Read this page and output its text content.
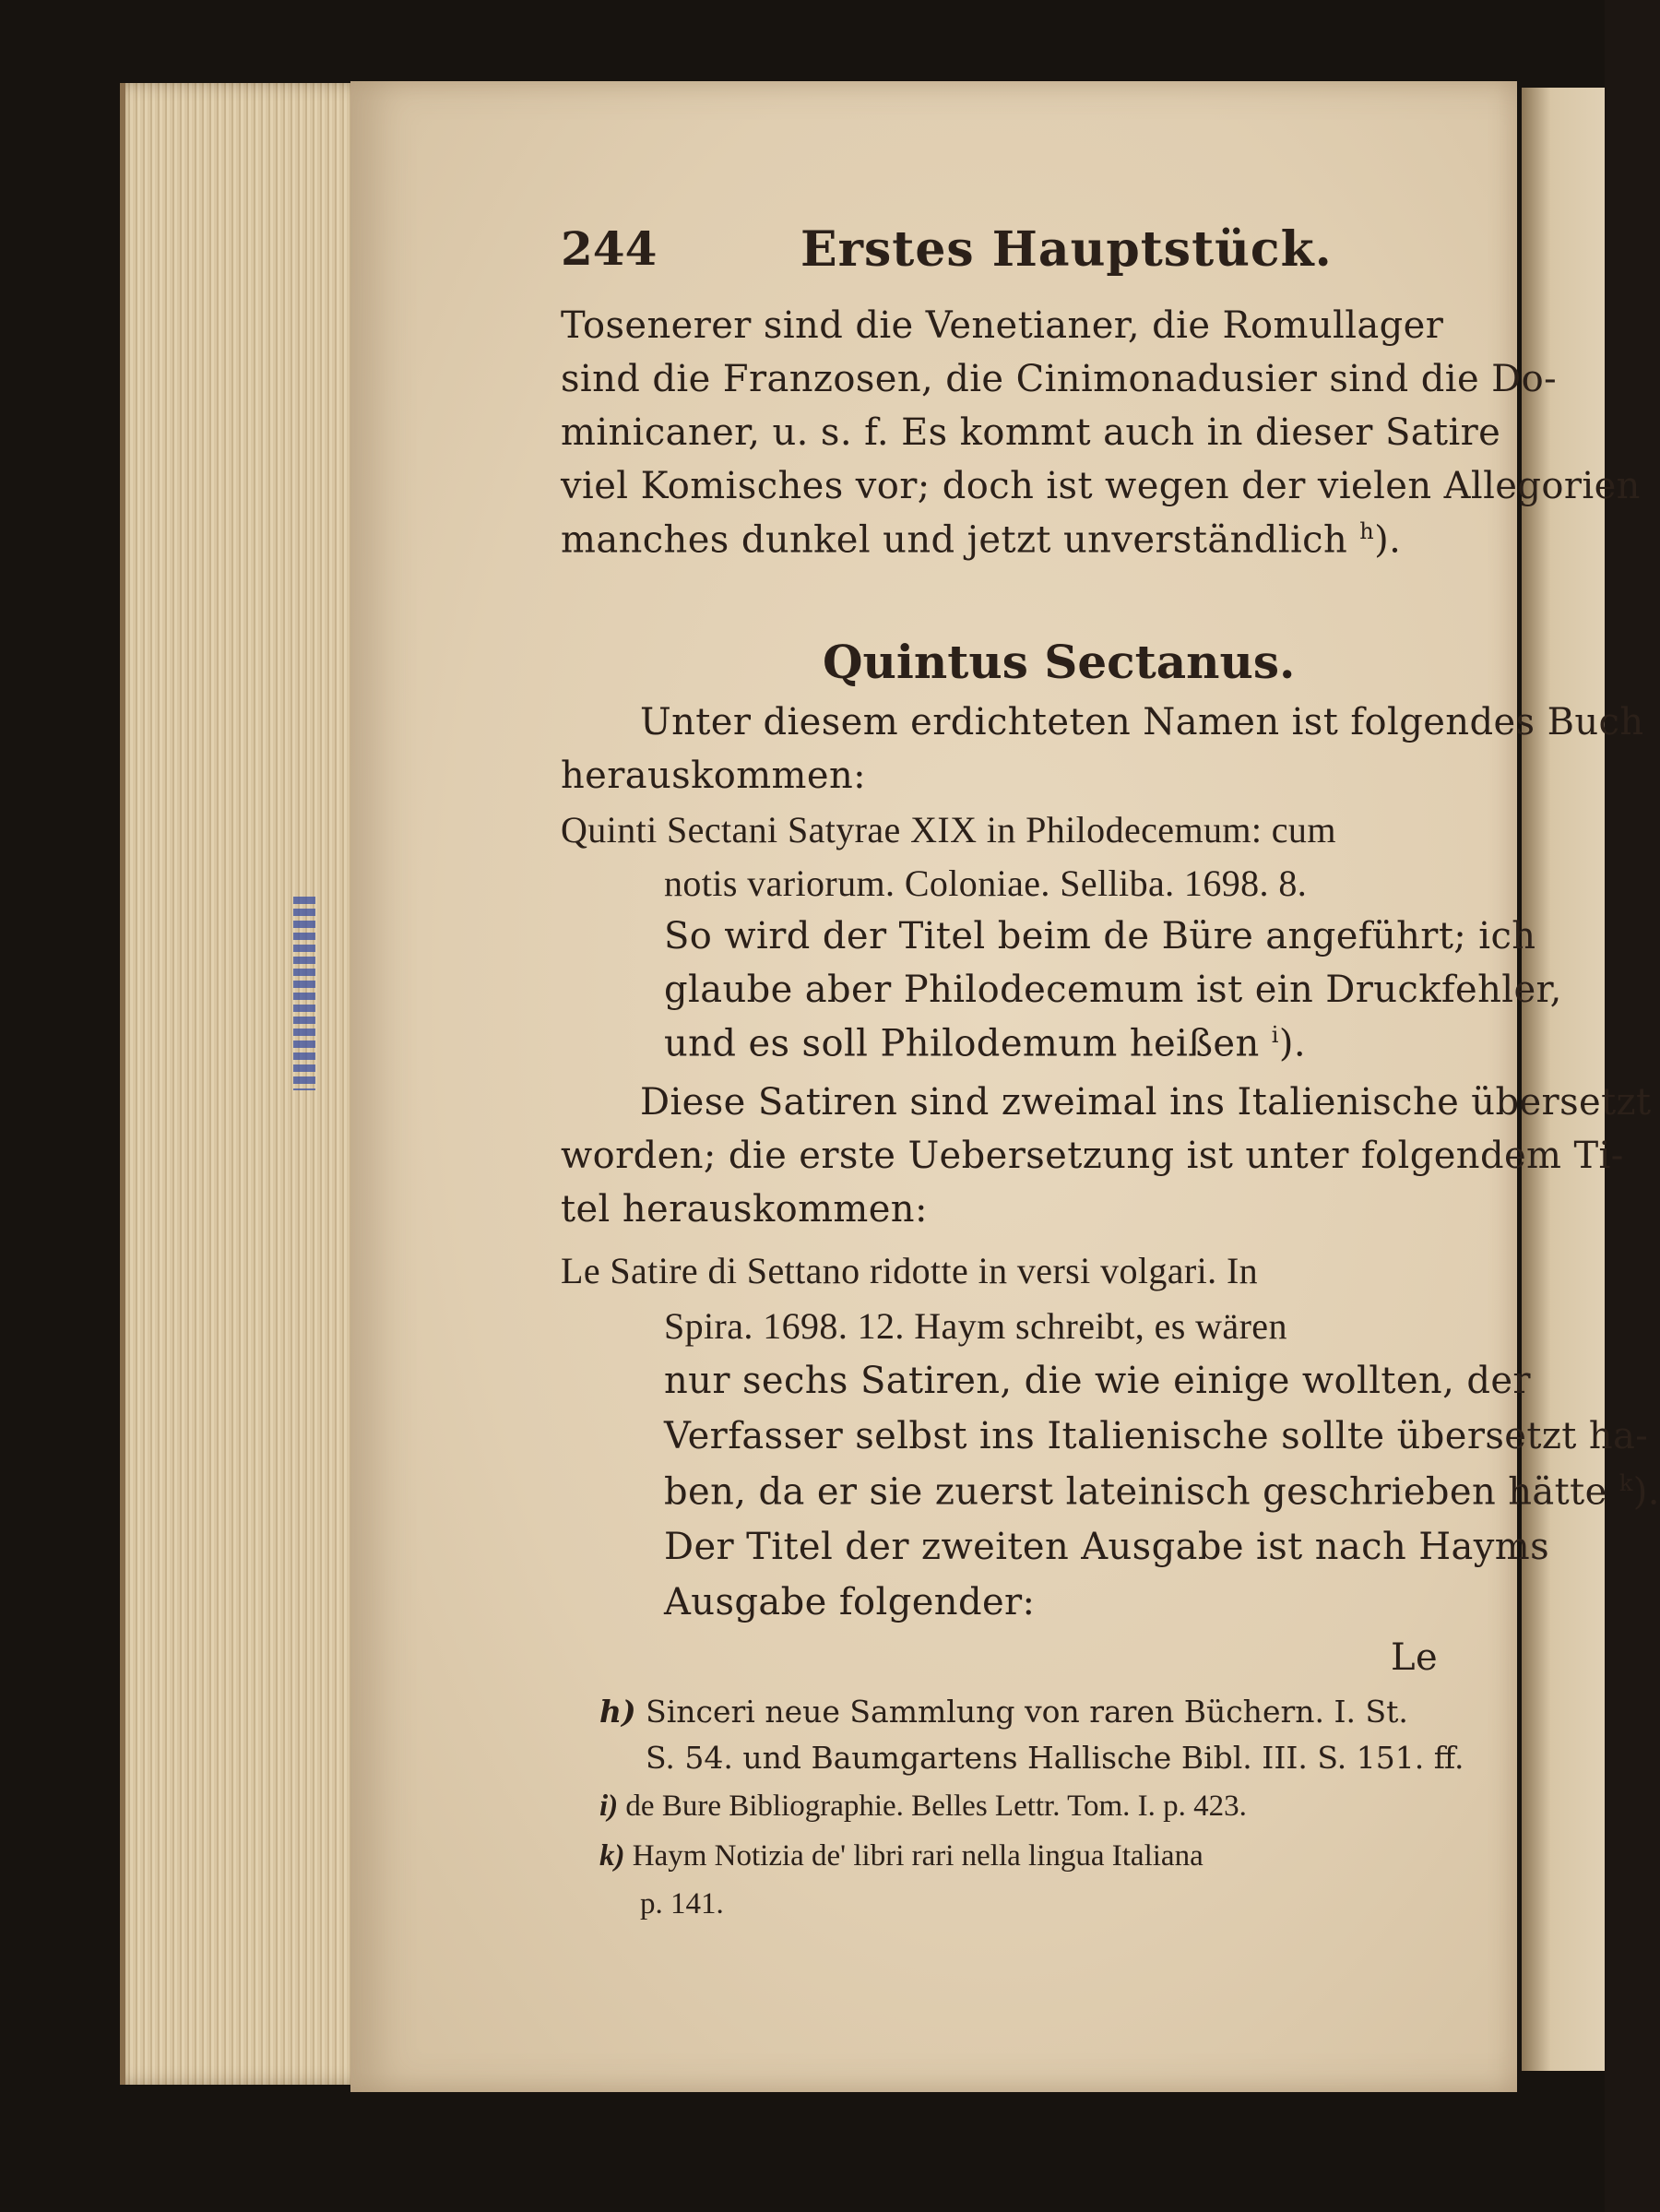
244	Erstes Hauptstück.
Tosenerer sind die Venetianer, die Romullager
sind die Franzosen, die Cinimonadusier sind die Do-
minicaner, u. s. f. Es kommt auch in dieser Satire
viel Komisches vor; doch ist wegen der vielen Allegorien
manches dunkel und jetzt unverständlich $^h$).
Quintus Sectanus.
Unter diesem erdichteten Namen ist folgendes Buch
herauskommen:
Quinti Sectani Satyrae XIX in Philodecemum: cum
notis variorum. Coloniae. Selliba. 1698. 8.
So wird der Titel beim de Büre angeführt; ich
glaube aber Philodecemum ist ein Druckfehler,
und es soll Philodemum heißen $^i$).
Diese Satiren sind zweimal ins Italienische übersetzt
worden; die erste Uebersetzung ist unter folgendem Ti-
tel herauskommen:
Le Satire di Settano ridotte in versi volgari. In
Spira. 1698. 12. Haym schreibt, es wären
nur sechs Satiren, die wie einige wollten, der
Verfasser selbst ins Italienische sollte übersetzt ha-
ben, da er sie zuerst lateinisch geschrieben hätte $^k$).
Der Titel der zweiten Ausgabe ist nach Hayms
Ausgabe folgender:
Le
h) Sinceri neue Sammlung von raren Büchern. I. St.
S. 54. und Baumgartens Hallische Bibl. III. S. 151. ff.
i) de Bure Bibliographie. Belles Lettr. Tom. I. p. 423.
k) Haym Notizia de' libri rari nella lingua Italiana
p. 141.
